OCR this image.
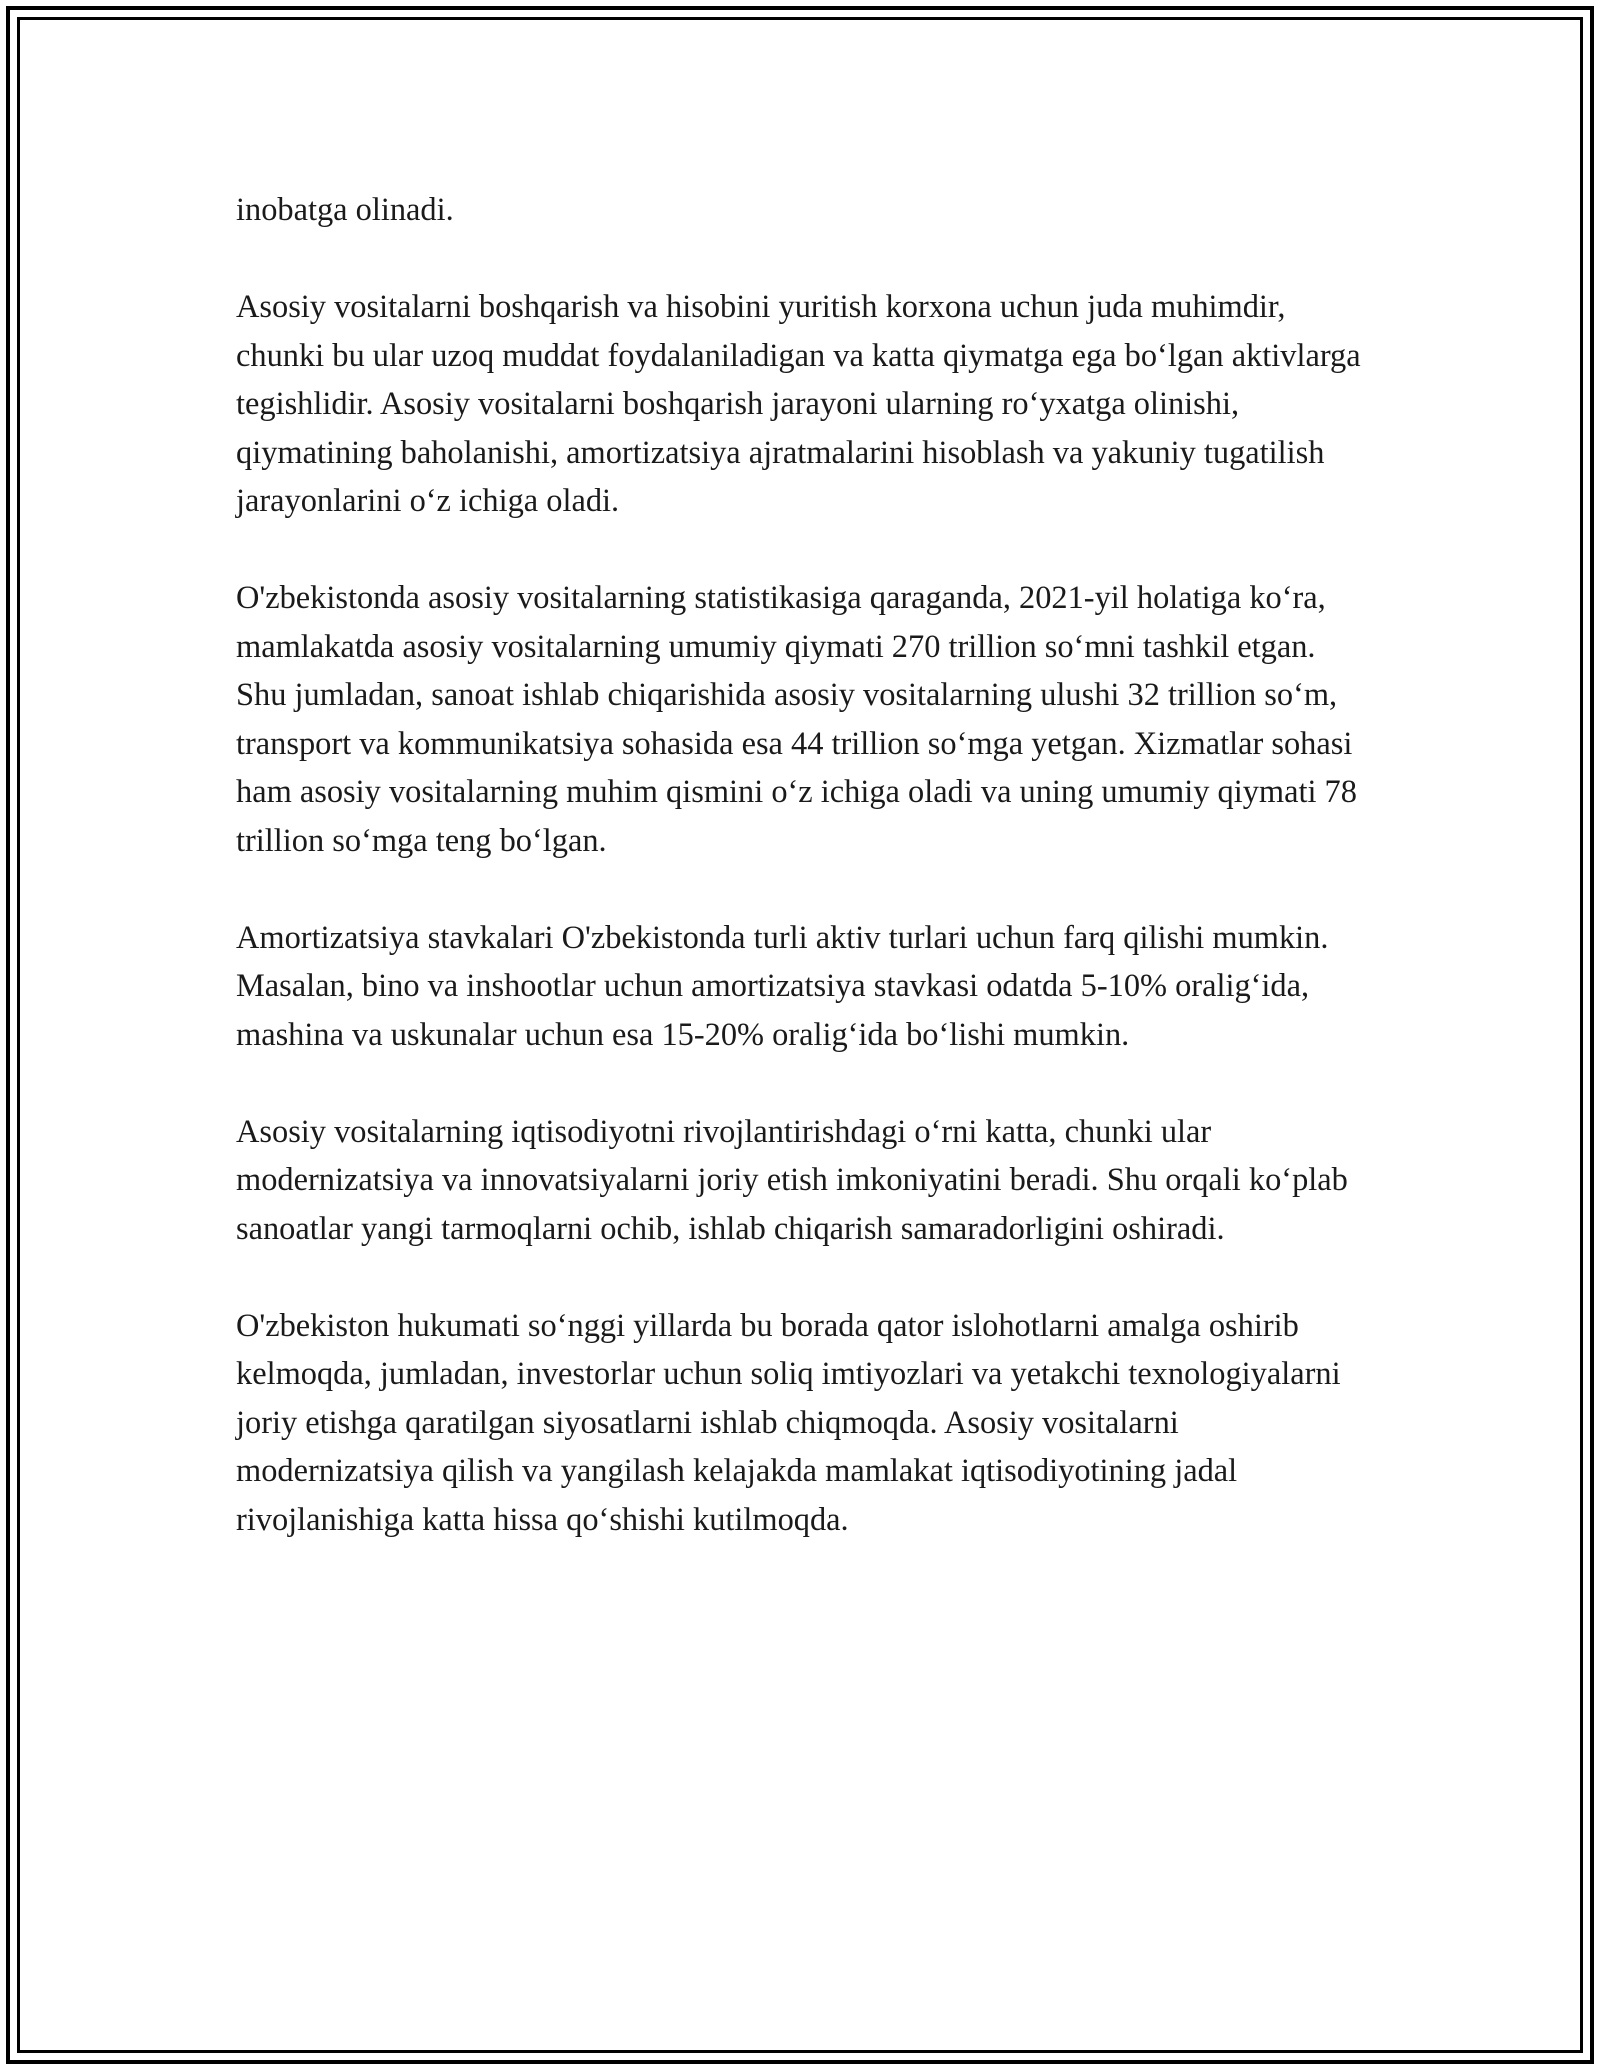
inobatga olinadi.

Asosiy vositalarni boshqarish va hisobini yuritish korxona uchun juda muhimdir, chunki bu ular uzoq muddat foydalaniladigan va katta qiymatga ega bo‘lgan aktivlarga tegishlidir. Asosiy vositalarni boshqarish jarayoni ularning ro‘yxatga olinishi, qiymatining baholanishi, amortizatsiya ajratmalarini hisoblash va yakuniy tugatilish jarayonlarini o‘z ichiga oladi.

O'zbekistonda asosiy vositalarning statistikasiga qaraganda, 2021-yil holatiga ko‘ra, mamlakatda asosiy vositalarning umumiy qiymati 270 trillion so‘mni tashkil etgan. Shu jumladan, sanoat ishlab chiqarishida asosiy vositalarning ulushi 32 trillion so‘m, transport va kommunikatsiya sohasida esa 44 trillion so‘mga yetgan. Xizmatlar sohasi ham asosiy vositalarning muhim qismini o‘z ichiga oladi va uning umumiy qiymati 78 trillion so‘mga teng bo‘lgan.

Amortizatsiya stavkalari O'zbekistonda turli aktiv turlari uchun farq qilishi mumkin. Masalan, bino va inshootlar uchun amortizatsiya stavkasi odatda 5-10% oralig‘ida, mashina va uskunalar uchun esa 15-20% oralig‘ida bo‘lishi mumkin.

Asosiy vositalarning iqtisodiyotni rivojlantirishdagi o‘rni katta, chunki ular modernizatsiya va innovatsiyalarni joriy etish imkoniyatini beradi. Shu orqali ko‘plab sanoatlar yangi tarmoqlarni ochib, ishlab chiqarish samaradorligini oshiradi.

O'zbekiston hukumati so‘nggi yillarda bu borada qator islohotlarni amalga oshirib kelmoqda, jumladan, investorlar uchun soliq imtiyozlari va yetakchi texnologiyalarni joriy etishga qaratilgan siyosatlarni ishlab chiqmoqda. Asosiy vositalarni modernizatsiya qilish va yangilash kelajakda mamlakat iqtisodiyotining jadal rivojlanishiga katta hissa qo‘shishi kutilmoqda.
